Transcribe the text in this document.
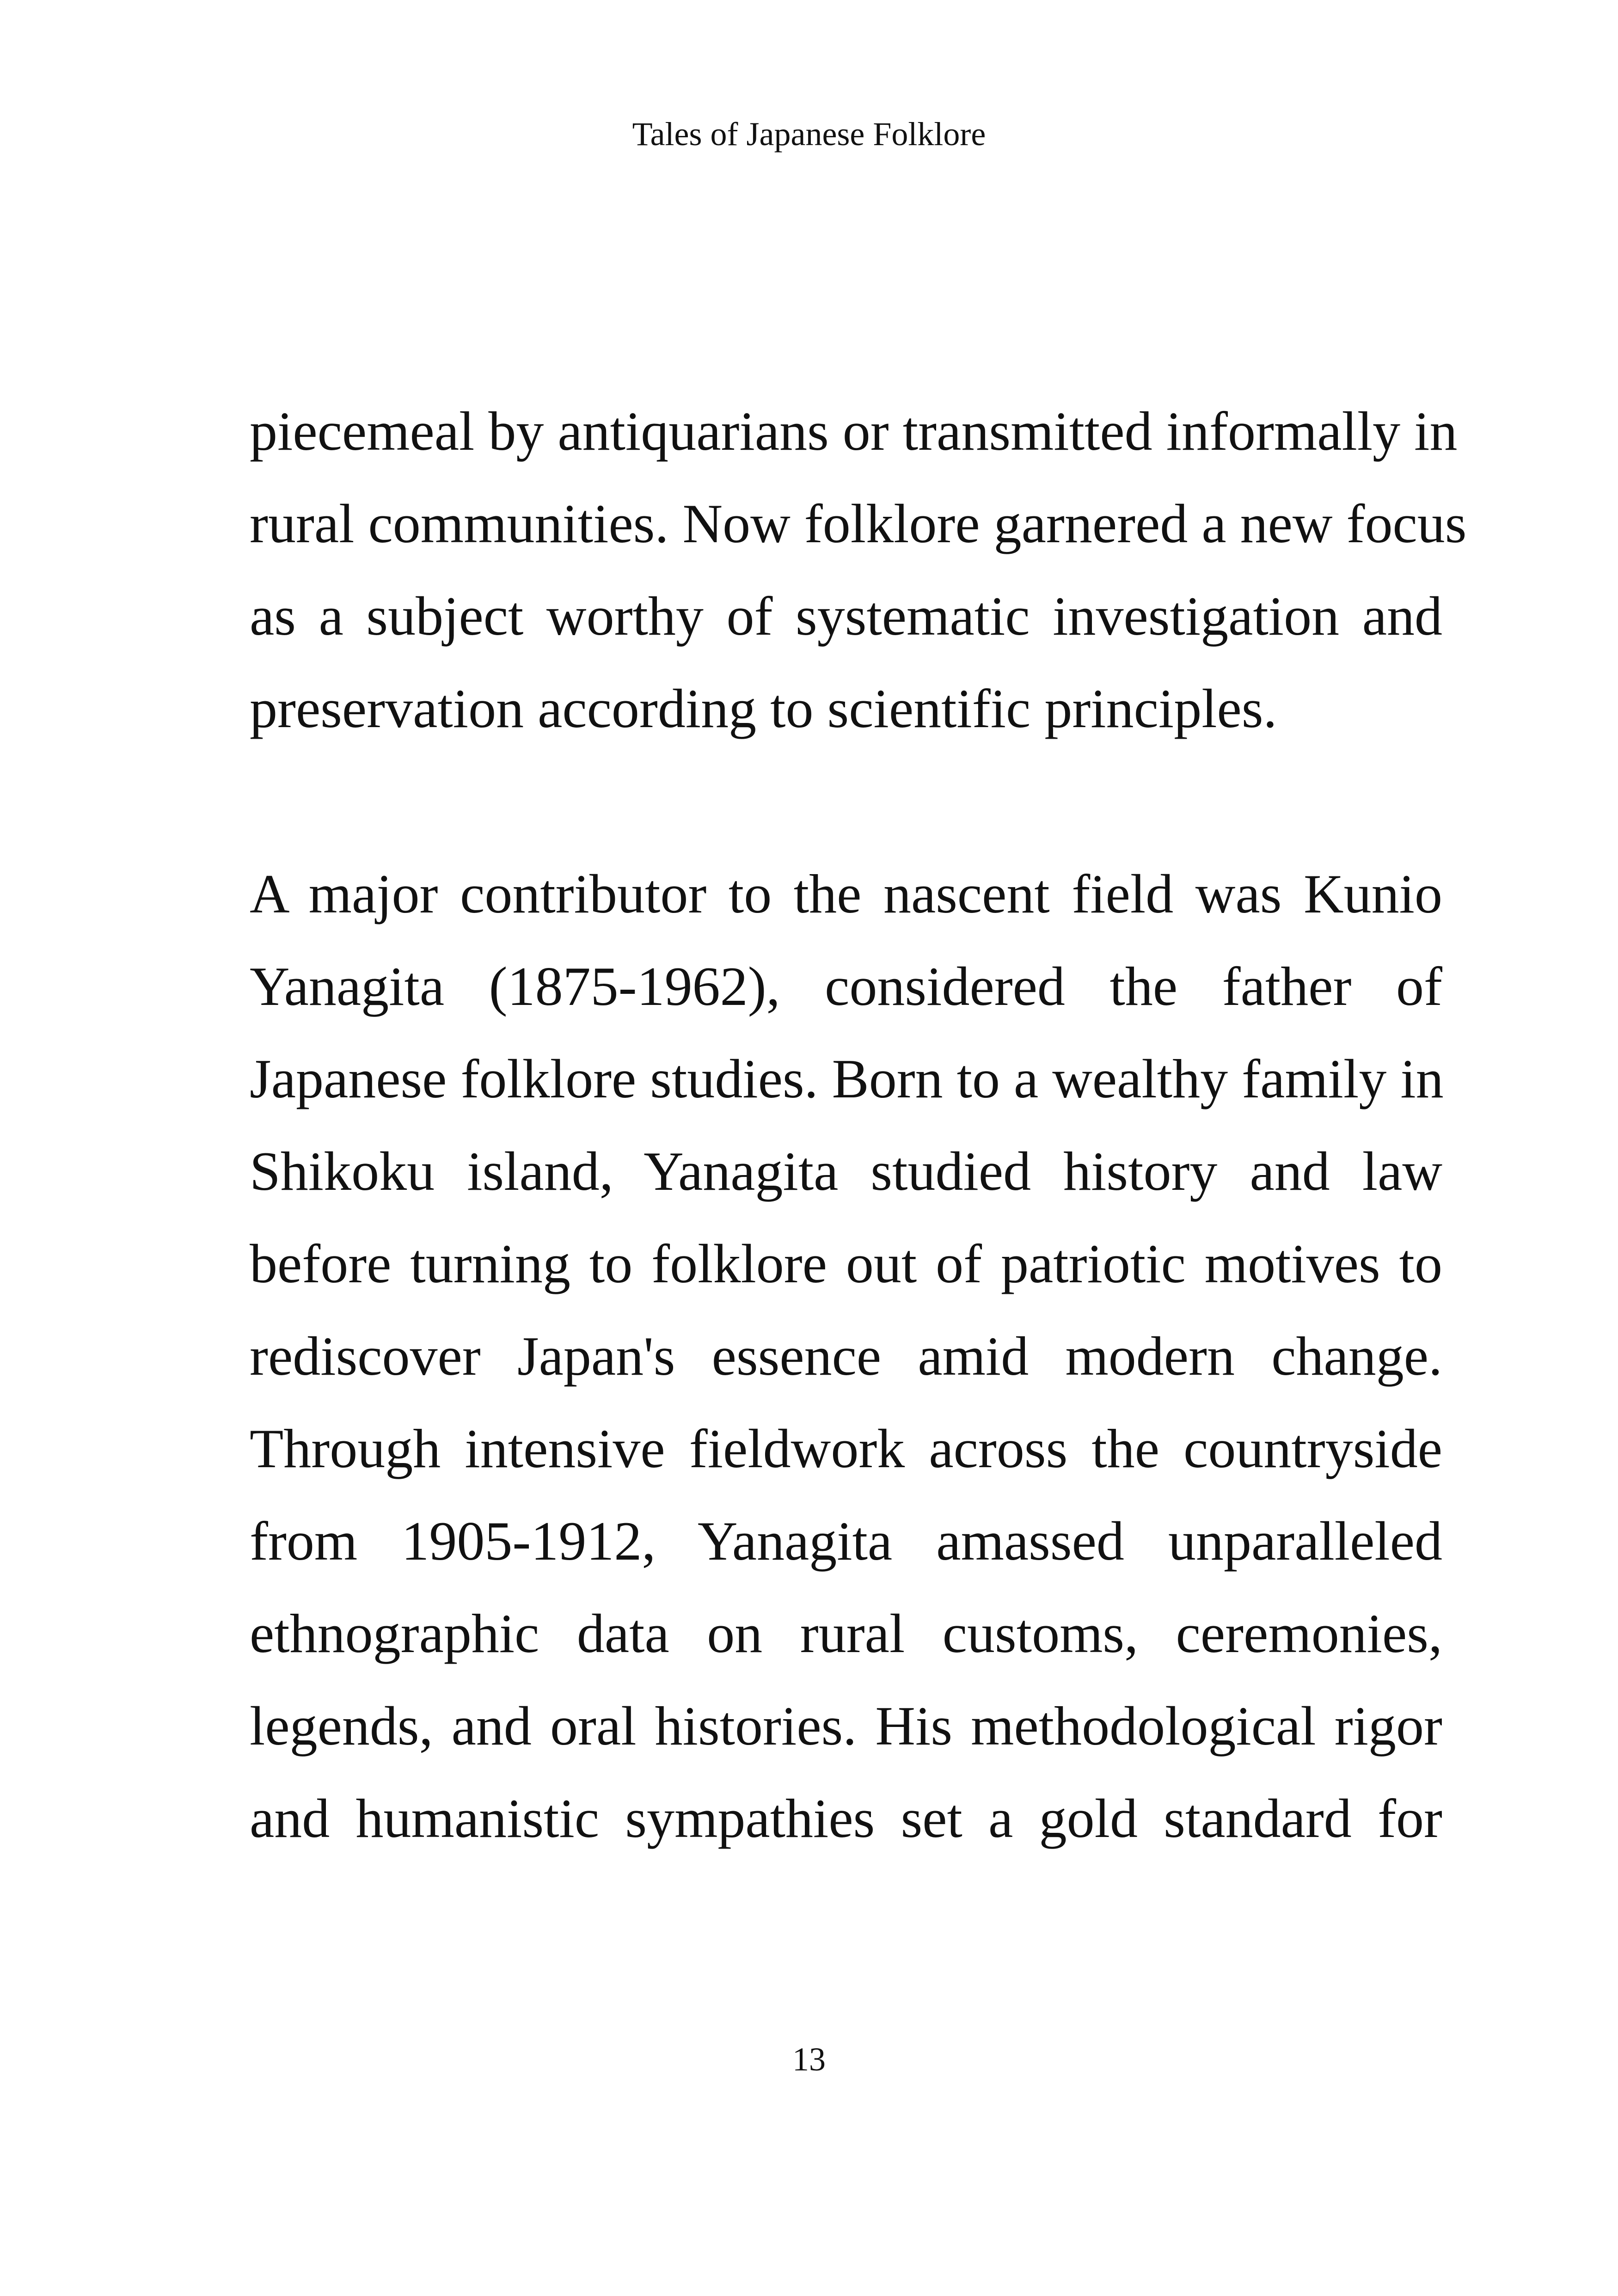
Tales of Japanese Folklore
piecemeal by antiquarians or transmitted informally in
rural communities. Now folklore garnered a new focus
as a subject worthy of systematic investigation and
preservation according to scientific principles.
A major contributor to the nascent field was Kunio
Yanagita (1875-1962), considered the father of
Japanese folklore studies. Born to a wealthy family in
Shikoku island, Yanagita studied history and law
before turning to folklore out of patriotic motives to
rediscover Japan's essence amid modern change.
Through intensive fieldwork across the countryside
from 1905-1912, Yanagita amassed unparalleled
ethnographic data on rural customs, ceremonies,
legends, and oral histories. His methodological rigor
and humanistic sympathies set a gold standard for
13
